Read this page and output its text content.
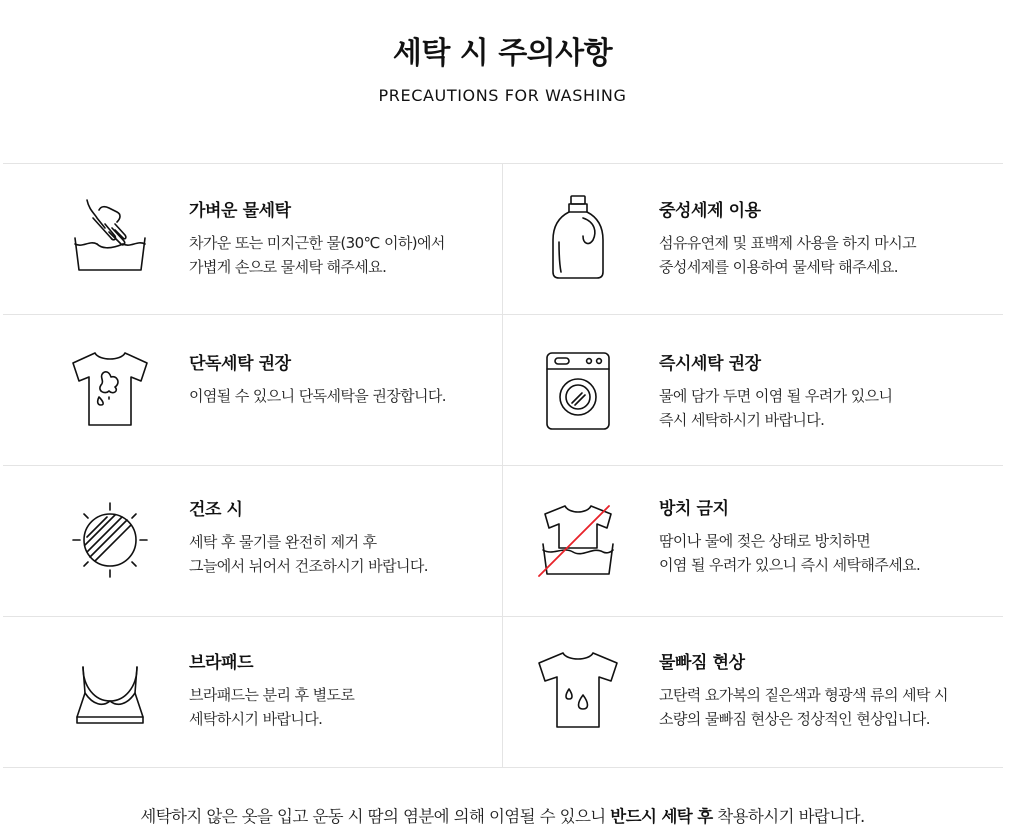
세탁 시 주의사항
PRECAUTIONS FOR WASHING
가벼운 물세탁
차가운 또는 미지근한 물(30℃ 이하)에서
가볍게 손으로 물세탁 해주세요.
중성세제 이용
섬유유연제 및 표백제 사용을 하지 마시고
중성세제를 이용하여 물세탁 해주세요.
단독세탁 권장
이염될 수 있으니 단독세탁을 권장합니다.
즉시세탁 권장
물에 담가 두면 이염 될 우려가 있으니
즉시 세탁하시기 바랍니다.
건조 시
세탁 후 물기를 완전히 제거 후
그늘에서 뉘어서 건조하시기 바랍니다.
방치 금지
땀이나 물에 젖은 상태로 방치하면
이염 될 우려가 있으니 즉시 세탁해주세요.
브라패드
브라패드는 분리 후 별도로
세탁하시기 바랍니다.
물빠짐 현상
고탄력 요가복의 짙은색과 형광색 류의 세탁 시
소량의 물빠짐 현상은 정상적인 현상입니다.
세탁하지 않은 옷을 입고 운동 시 땀의 염분에 의해 이염될 수 있으니 반드시 세탁 후 착용하시기 바랍니다.
